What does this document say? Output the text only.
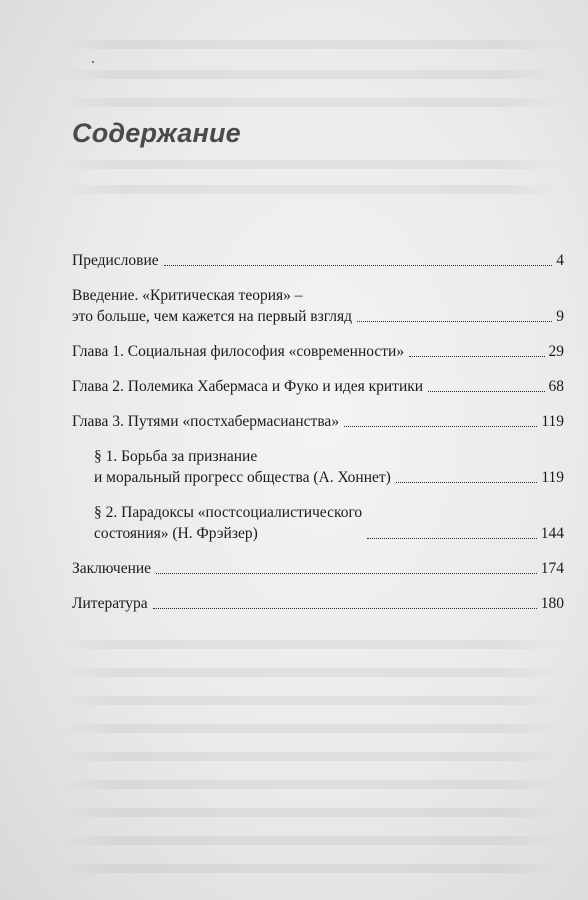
Содержание
Предисловие	4
Введение. «Критическая теория» –
это больше, чем кажется на первый взгляд	9
Глава 1. Социальная философия «современности»	29
Глава 2. Полемика Хабермаса и Фуко и идея критики	68
Глава 3. Путями «постхабермасианства»	119
§ 1. Борьба за признание
и моральный прогресс общества (А. Хоннет)	119
§ 2. Парадоксы «постсоциалистического
состояния» (Н. Фрэйзер)	144
Заключение	174
Литература	180
